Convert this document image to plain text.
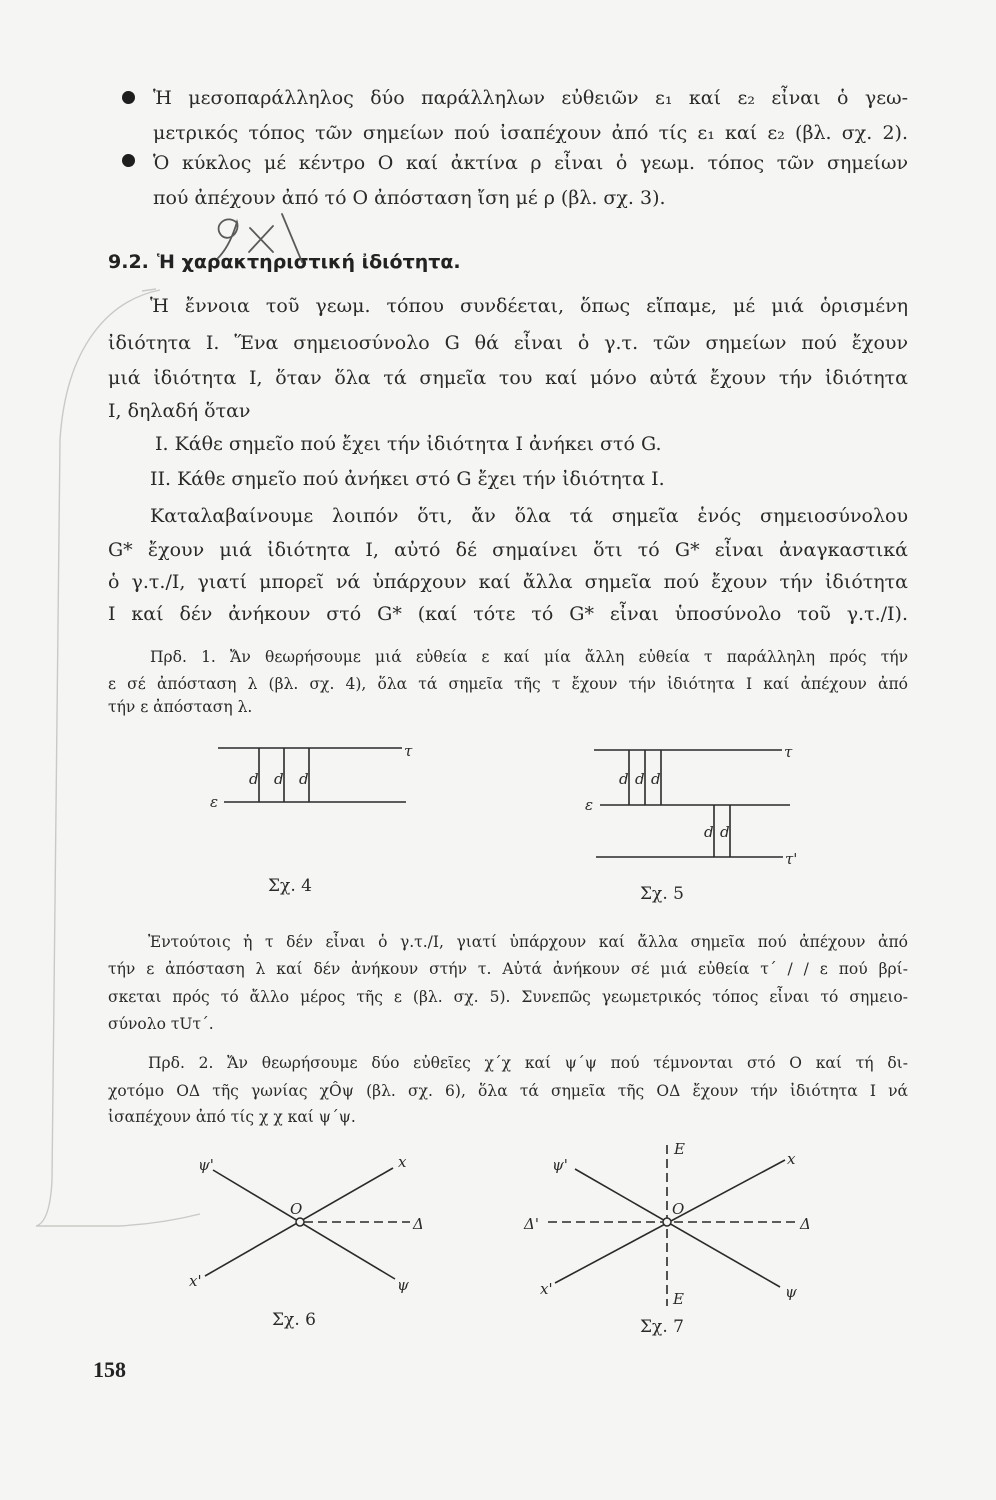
Ἡ μεσοπαράλληλος δύο παράλληλων εὐθειῶν ε₁ καί ε₂ εἶναι ὁ γεω-
μετρικός τόπος τῶν σημείων πού ἰσαπέχουν ἀπό τίς ε₁ καί ε₂ (βλ. σχ. 2).
Ὁ κύκλος μέ κέντρο Ο καί ἀκτίνα ρ εἶναι ὁ γεωμ. τόπος τῶν σημείων
πού ἀπέχουν ἀπό τό Ο ἀπόσταση ἴση μέ ρ (βλ. σχ. 3).
9.2. Ἡ χαρακτηριστική ἰδιότητα.
Ἡ ἔννοια τοῦ γεωμ. τόπου συνδέεται, ὅπως εἴπαμε, μέ μιά ὁρισμένη
ἰδιότητα Ι. Ἕνα σημειοσύνολο G θά εἶναι ὁ γ.τ. τῶν σημείων πού ἔχουν
μιά ἰδιότητα Ι, ὅταν ὅλα τά σημεῖα του καί μόνο αὐτά ἔχουν τήν ἰδιότητα
Ι, δηλαδή ὅταν
Ι. Κάθε σημεῖο πού ἔχει τήν ἰδιότητα Ι ἀνήκει στό G.
ΙΙ. Κάθε σημεῖο πού ἀνήκει στό G ἔχει τήν ἰδιότητα Ι.
Καταλαβαίνουμε λοιπόν ὅτι, ἄν ὅλα τά σημεῖα ἑνός σημειοσύνολου
G* ἔχουν μιά ἰδιότητα Ι, αὐτό δέ σημαίνει ὅτι τό G* εἶναι ἀναγκαστικά
ὁ γ.τ./Ι, γιατί μπορεῖ νά ὑπάρχουν καί ἄλλα σημεῖα πού ἔχουν τήν ἰδιότητα
Ι καί δέν ἀνήκουν στό G* (καί τότε τό G* εἶναι ὑποσύνολο τοῦ γ.τ./Ι).
Πρδ. 1. Ἄν θεωρήσουμε μιά εὐθεία ε καί μία ἄλλη εὐθεία τ παράλληλη πρός τήν
ε σέ ἀπόσταση λ (βλ. σχ. 4), ὅλα τά σημεῖα τῆς τ ἔχουν τήν ἰδιότητα Ι καί ἀπέχουν ἀπό
τήν ε ἀπόσταση λ.
Ἐντούτοις ἡ τ δέν εἶναι ὁ γ.τ./Ι, γιατί ὑπάρχουν καί ἄλλα σημεῖα πού ἀπέχουν ἀπό
τήν ε ἀπόσταση λ καί δέν ἀνήκουν στήν τ. Αὐτά ἀνήκουν σέ μιά εὐθεία τ΄ / / ε πού βρί-
σκεται πρός τό ἄλλο μέρος τῆς ε (βλ. σχ. 5). Συνεπῶς γεωμετρικός τόπος εἶναι τό σημειο-
σύνολο τUτ΄.
Πρδ. 2. Ἄν θεωρήσουμε δύο εὐθεῖες χ΄χ καί ψ΄ψ πού τέμνονται στό Ο καί τή δι-
χοτόμο ΟΔ τῆς γωνίας χÔψ (βλ. σχ. 6), ὅλα τά σημεῖα τῆς ΟΔ ἔχουν τήν ἰδιότητα Ι νά
ἰσαπέχουν ἀπό τίς χ χ καί ψ΄ψ.
158
τ
ε
d d d
Σχ. 4
τ
ε
τ'
d d d
d d
Σχ. 5
ψ'	x
O
Δ
x'	ψ
Σχ. 6
ψ'
E
x
O
Δ'	Δ
x'
E	ψ
Σχ. 7
